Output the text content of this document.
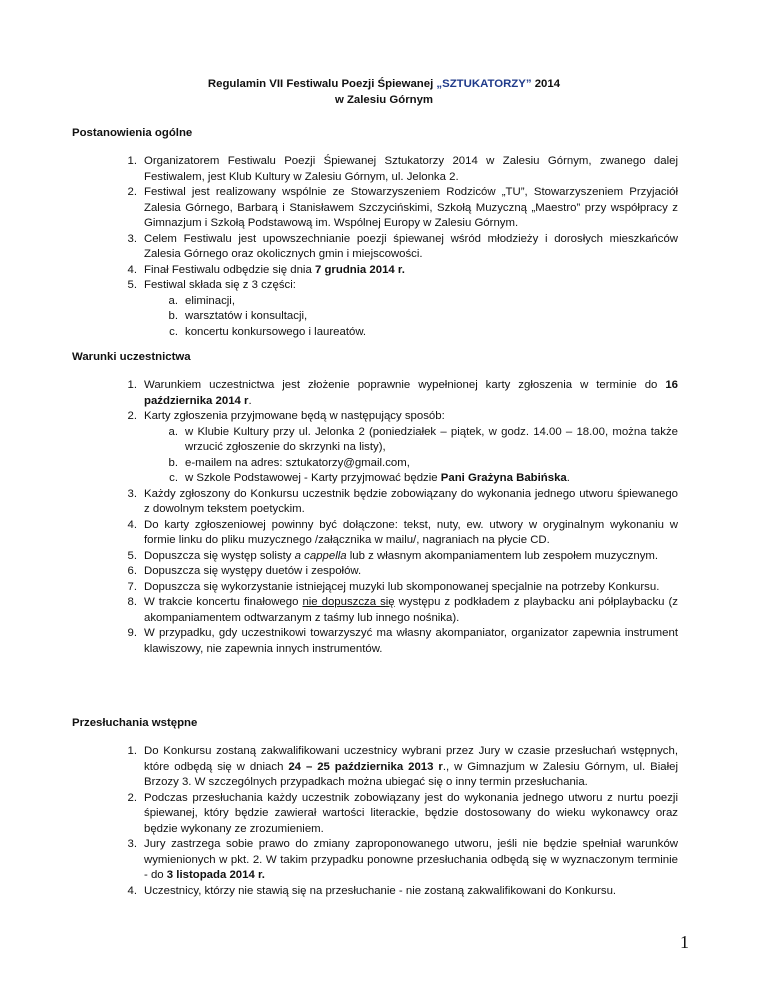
Regulamin VII Festiwalu Poezji Śpiewanej „SZTUKATORZY” 2014
w Zalesiu Górnym
Postanowienia ogólne
1. Organizatorem Festiwalu Poezji Śpiewanej Sztukatorzy 2014 w Zalesiu Górnym, zwanego dalej Festiwalem, jest Klub Kultury w Zalesiu Górnym, ul. Jelonka 2.
2. Festiwal jest realizowany wspólnie ze Stowarzyszeniem Rodziców „TU”, Stowarzyszeniem Przyjaciół Zalesia Górnego, Barbarą i Stanisławem Szczycińskimi, Szkołą Muzyczną „Maestro” przy współpracy z Gimnazjum i Szkołą Podstawową im. Wspólnej Europy w Zalesiu Górnym.
3. Celem Festiwalu jest upowszechnianie poezji śpiewanej wśród młodzieży i dorosłych mieszkańców Zalesia Górnego oraz okolicznych gmin i miejscowości.
4. Finał Festiwalu odbędzie się dnia 7 grudnia 2014 r.
5. Festiwal składa się z 3 części:
a. eliminacji,
b. warsztatów i konsultacji,
c. koncertu konkursowego i laureatów.
Warunki uczestnictwa
1. Warunkiem uczestnictwa jest złożenie poprawnie wypełnionej karty zgłoszenia w terminie do 16 października 2014 r.
2. Karty zgłoszenia przyjmowane będą w następujący sposób:
a. w Klubie Kultury przy ul. Jelonka 2 (poniedziałek – piątek, w godz. 14.00 – 18.00, można także wrzucić zgłoszenie do skrzynki na listy),
b. e-mailem na adres: sztukatorzy@gmail.com,
c. w Szkole Podstawowej - Karty przyjmować będzie Pani Grażyna Babińska.
3. Każdy zgłoszony do Konkursu uczestnik będzie zobowiązany do wykonania jednego utworu śpiewanego z dowolnym tekstem poetyckim.
4. Do karty zgłoszeniowej powinny być dołączone: tekst, nuty, ew. utwory w oryginalnym wykonaniu w formie linku do pliku muzycznego /załącznika w mailu/, nagraniach na płycie CD.
5. Dopuszcza się występ solisty a cappella lub z własnym akompaniamentem lub zespołem muzycznym.
6. Dopuszcza się występy duetów i zespołów.
7. Dopuszcza się wykorzystanie istniejącej muzyki lub skomponowanej specjalnie na potrzeby Konkursu.
8. W trakcie koncertu finałowego nie dopuszcza się występu z podkładem z playbacku ani półplaybacku (z akompaniamentem odtwarzanym z taśmy lub innego nośnika).
9. W przypadku, gdy uczestnikowi towarzyszyć ma własny akompaniator, organizator zapewnia instrument klawiszowy, nie zapewnia innych instrumentów.
Przesłuchania wstępne
1. Do Konkursu zostaną zakwalifikowani uczestnicy wybrani przez Jury w czasie przesłuchań wstępnych, które odbędą się w dniach 24 – 25 października 2013 r., w Gimnazjum w Zalesiu Górnym, ul. Białej Brzozy 3. W szczególnych przypadkach można ubiegać się o inny termin przesłuchania.
2. Podczas przesłuchania każdy uczestnik zobowiązany jest do wykonania jednego utworu z nurtu poezji śpiewanej, który będzie zawierał wartości literackie, będzie dostosowany do wieku wykonawcy oraz będzie wykonany ze zrozumieniem.
3. Jury zastrzega sobie prawo do zmiany zaproponowanego utworu, jeśli nie będzie spełniał warunków wymienionych w pkt. 2. W takim przypadku ponowne przesłuchania odbędą się w wyznaczonym terminie - do 3 listopada 2014 r.
4. Uczestnicy, którzy nie stawią się na przesłuchanie - nie zostaną zakwalifikowani do Konkursu.
1
